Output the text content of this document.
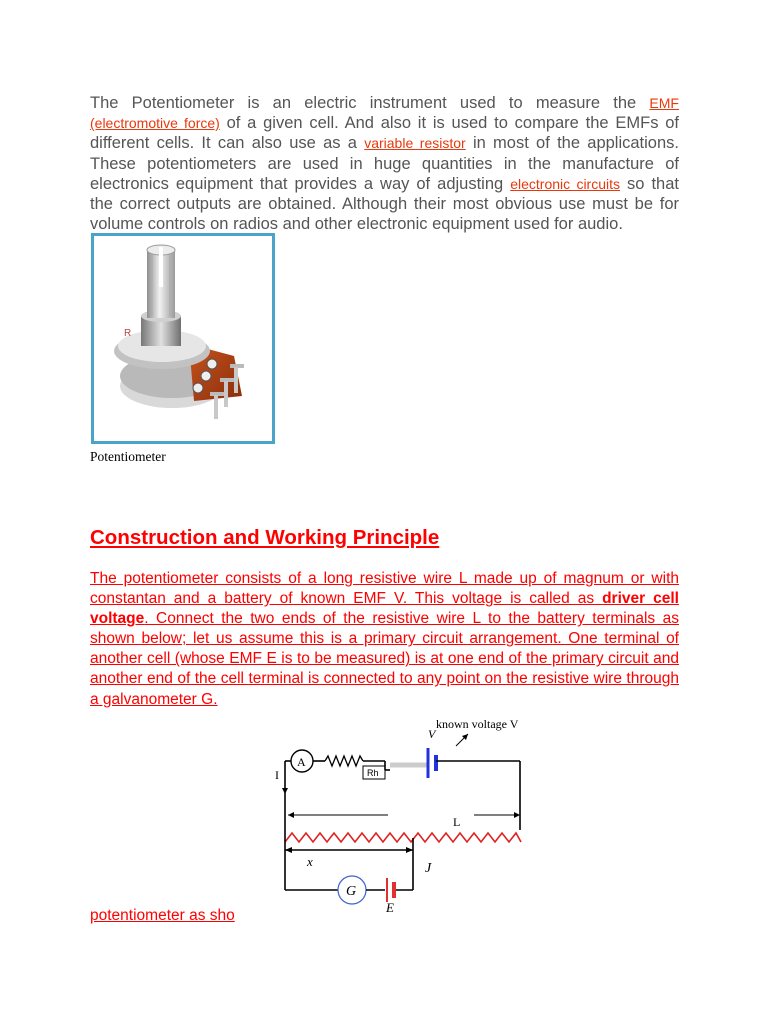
The Potentiometer is an electric instrument used to measure the EMF (electromotive force) of a given cell. And also it is used to compare the EMFs of different cells. It can also use as a variable resistor in most of the applications. These potentiometers are used in huge quantities in the manufacture of electronics equipment that provides a way of adjusting electronic circuits so that the correct outputs are obtained. Although their most obvious use must be for volume controls on radios and other electronic equipment used for audio.

R
Potentiometer
Construction and Working Principle

The potentiometer consists of a long resistive wire L made up of magnum or with constantan and a battery of known EMF V. This voltage is called as driver cell voltage. Connect the two ends of the resistive wire L to the battery terminals as shown below; let us assume this is a primary circuit arrangement. One terminal of another cell (whose EMF E is to be measured) is at one end of the primary circuit and another end of the cell terminal is connected to any point on the resistive wire through a galvanometer G.

A
Rh
V
known voltage V
I
L
x	J
G
E
potentiometer as sho
